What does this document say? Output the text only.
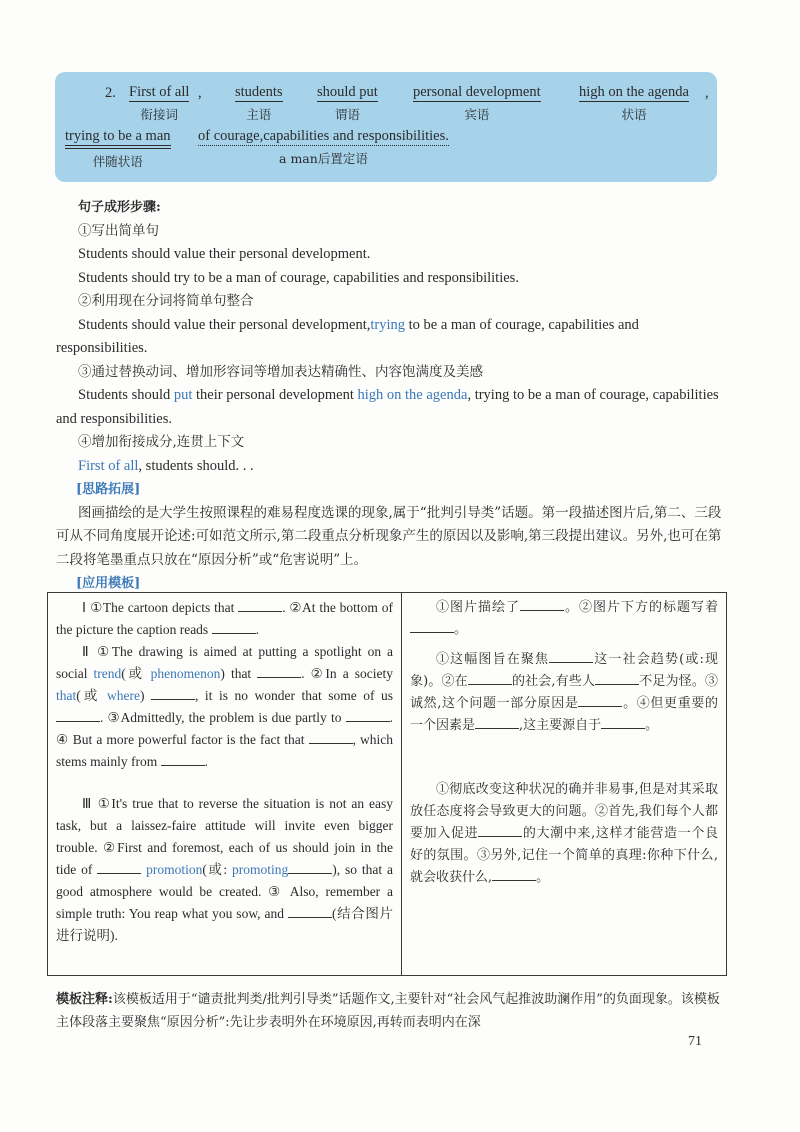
2. First of all
衔接词
, students
主语
should put
谓语
personal development
宾语
high on the agenda
状语
,
trying to be a man
伴随状语
of courage,capabilities and responsibilities.
a man后置定语

句子成形步骤:

①写出简单句

Students should value their personal development.

Students should try to be a man of courage, capabilities and responsibilities.

②利用现在分词将简单句整合

Students should value their personal development,trying to be a man of courage, capabilities and responsibilities.

③通过替换动词、增加形容词等增加表达精确性、内容饱满度及美感

Students should put their personal development high on the agenda, trying to be a man of courage, capabilities and responsibilities.

④增加衔接成分,连贯上下文

First of all, students should. . .

[思路拓展]

图画描绘的是大学生按照课程的难易程度选课的现象,属于“批判引导类”话题。第一段描述图片后,第二、三段可从不同角度展开论述:可如范文所示,第二段重点分析现象产生的原因以及影响,第三段提出建议。另外,也可在第二段将笔墨重点只放在“原因分析”或“危害说明”上。

[应用模板]

Ⅰ ①The cartoon depicts that	. ②At the bottom of the picture the caption reads	.
Ⅱ ①The drawing is aimed at putting a spotlight on a social trend(或 phenomenon) that	. ②In a society that(或 where)	, it is no wonder that some of us . ③Admittedly, the problem is due partly to	. ④ But a more powerful factor is the fact that	, which stems mainly from	.
Ⅲ ①It's true that to reverse the situation is not an easy task, but a laissez-faire attitude will invite even bigger trouble. ②First and foremost, each of us should join in the tide of	promotion(或: promoting	), so that a good atmosphere would be created. ③ Also, remember a simple truth: You reap what you sow, and	(结合图片进行说明).

①图片描绘了	。②图片下方的标题写着。
①这幅图旨在聚焦	这一社会趋势(或:现象)。②在	的社会,有些人	不足为怪。③诚然,这个问题一部分原因是	。④但更重要的一个因素是	,这主要源自于	。
①彻底改变这种状况的确并非易事,但是对其采取放任态度将会导致更大的问题。②首先,我们每个人都要加入促进	的大潮中来,这样才能营造一个良好的氛围。③另外,记住一个简单的真理:你种下什么,就会收获什么,	。
模板注释:该模板适用于“谴责批判类/批判引导类”话题作文,主要针对“社会风气起推波助澜作用”的负面现象。该模板主体段落主要聚焦“原因分析”:先让步表明外在环境原因,再转而表明内在深
71
